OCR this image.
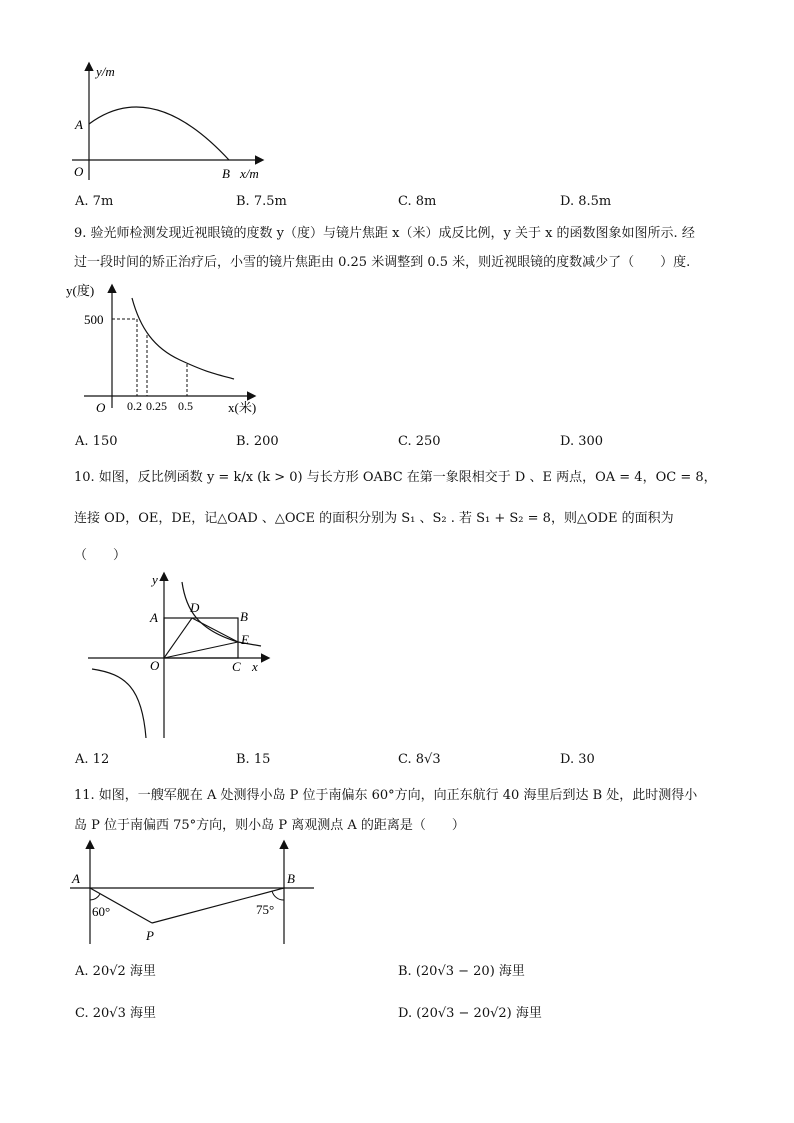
y/m
A
O	B x/m
A. 7m	B. 7.5m	C. 8m	D. 8.5m
9. 验光师检测发现近视眼镜的度数 y（度）与镜片焦距 x（米）成反比例，y 关于 x 的函数图象如图所示. 经
过一段时间的矫正治疗后，小雪的镜片焦距由 0.25 米调整到 0.5 米，则近视眼镜的度数减少了（　　）度.
y(度)
500
O 0.2 0.25 0.5	x(米)
A. 150	B. 200	C. 250	D. 300
10. 如图，反比例函数 y = k/x (k > 0) 与长方形 OABC 在第一象限相交于 D 、E 两点，OA = 4，OC = 8，
连接 OD，OE，DE，记△OAD 、△OCE 的面积分别为 S₁ 、S₂ . 若 S₁ + S₂ = 8，则△ODE 的面积为
（　　）
y
A
D
B
E
O	C x
A. 12	B. 15	C. 8√3	D. 30
11. 如图，一艘军舰在 A 处测得小岛 P 位于南偏东 60°方向，向正东航行 40 海里后到达 B 处，此时测得小
岛 P 位于南偏西 75°方向，则小岛 P 离观测点 A 的距离是（　　）
A	B
P
60°	75°
A. 20√2 海里	B. (20√3 − 20) 海里
C. 20√3 海里	D. (20√3 − 20√2) 海里
